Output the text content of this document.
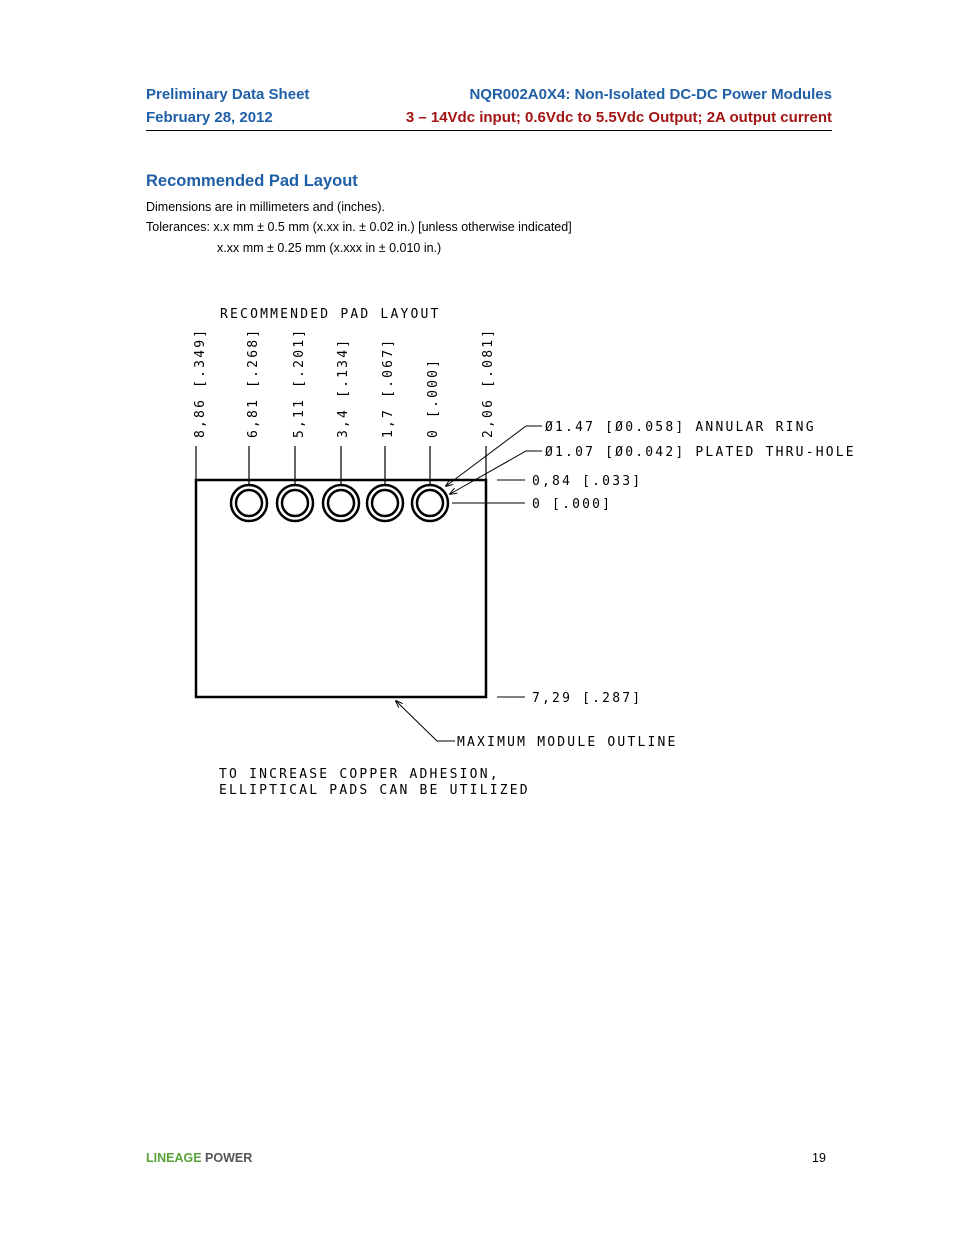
Preliminary Data Sheet
February 28, 2012
NQR002A0X4: Non-Isolated DC-DC Power Modules
3 – 14Vdc input; 0.6Vdc to 5.5Vdc Output; 2A output current
Recommended Pad Layout
Dimensions are in millimeters and (inches).
Tolerances: x.x mm ± 0.5 mm (x.xx in. ± 0.02 in.) [unless otherwise indicated]
x.xx mm ± 0.25 mm (x.xxx in ± 0.010 in.)
RECOMMENDED PAD LAYOUT
8,86 [.349]	6,81 [.268] 5,11 [.201] 3,4 [.134] 1,7 [.067] 0 [.000]	2,06 [.081]	Ø1.47 [Ø0.058] ANNULAR RING
Ø1.07 [Ø0.042] PLATED THRU-HOLE
0,84 [.033]
0 [.000]
7,29 [.287]
MAXIMUM MODULE OUTLINE
TO INCREASE COPPER ADHESION,
ELLIPTICAL PADS CAN BE UTILIZED
LINEAGE POWER	19
